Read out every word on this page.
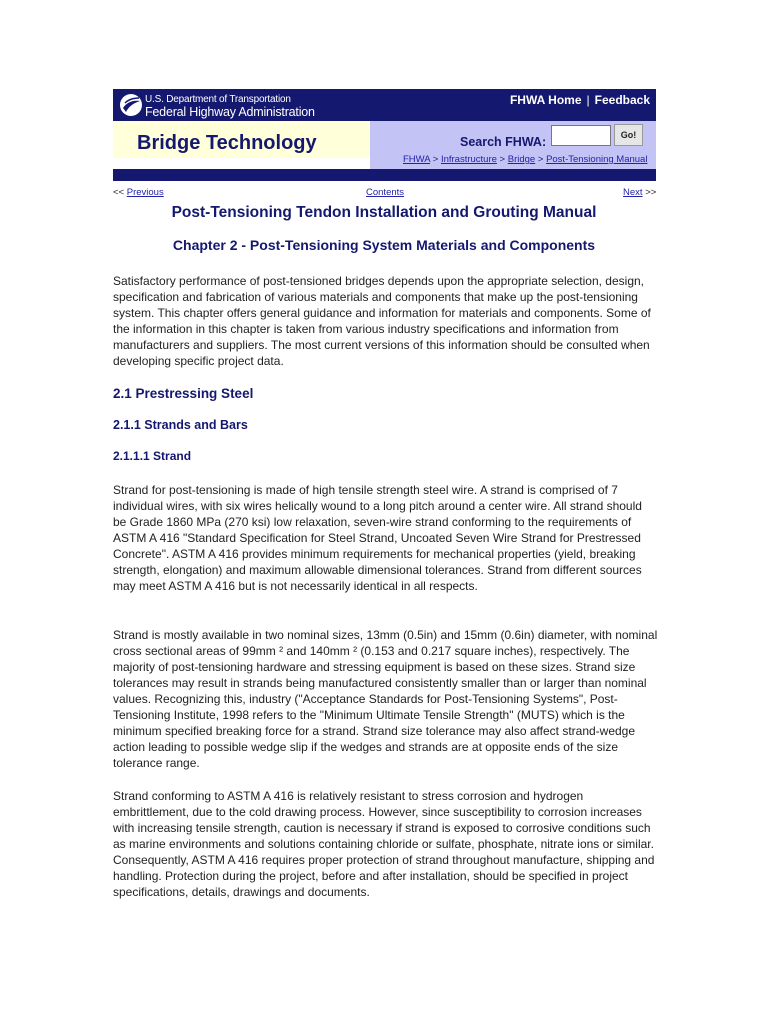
U.S. Department of Transportation
Federal Highway Administration
FHWA Home | Feedback
Bridge Technology	Search FHWA:	Go!
FHWA > Infrastructure > Bridge > Post-Tensioning Manual
<< Previous	Contents	Next >>
Post-Tensioning Tendon Installation and Grouting Manual
Chapter 2 - Post-Tensioning System Materials and Components
Satisfactory performance of post-tensioned bridges depends upon the appropriate selection, design, specification and fabrication of various materials and components that make up the post-tensioning system. This chapter offers general guidance and information for materials and components. Some of the information in this chapter is taken from various industry specifications and information from manufacturers and suppliers. The most current versions of this information should be consulted when developing specific project data.
2.1 Prestressing Steel
2.1.1 Strands and Bars
2.1.1.1 Strand
Strand for post-tensioning is made of high tensile strength steel wire. A strand is comprised of 7 individual wires, with six wires helically wound to a long pitch around a center wire. All strand should be Grade 1860 MPa (270 ksi) low relaxation, seven-wire strand conforming to the requirements of ASTM A 416 "Standard Specification for Steel Strand, Uncoated Seven Wire Strand for Prestressed Concrete". ASTM A 416 provides minimum requirements for mechanical properties (yield, breaking strength, elongation) and maximum allowable dimensional tolerances. Strand from different sources may meet ASTM A 416 but is not necessarily identical in all respects.
Strand is mostly available in two nominal sizes, 13mm (0.5in) and 15mm (0.6in) diameter, with nominal cross sectional areas of 99mm ² and 140mm ² (0.153 and 0.217 square inches), respectively. The majority of post-tensioning hardware and stressing equipment is based on these sizes. Strand size tolerances may result in strands being manufactured consistently smaller than or larger than nominal values. Recognizing this, industry ("Acceptance Standards for Post-Tensioning Systems", Post-Tensioning Institute, 1998 refers to the "Minimum Ultimate Tensile Strength" (MUTS) which is the minimum specified breaking force for a strand. Strand size tolerance may also affect strand-wedge action leading to possible wedge slip if the wedges and strands are at opposite ends of the size tolerance range.
Strand conforming to ASTM A 416 is relatively resistant to stress corrosion and hydrogen embrittlement, due to the cold drawing process. However, since susceptibility to corrosion increases with increasing tensile strength, caution is necessary if strand is exposed to corrosive conditions such as marine environments and solutions containing chloride or sulfate, phosphate, nitrate ions or similar. Consequently, ASTM A 416 requires proper protection of strand throughout manufacture, shipping and handling. Protection during the project, before and after installation, should be specified in project specifications, details, drawings and documents.
